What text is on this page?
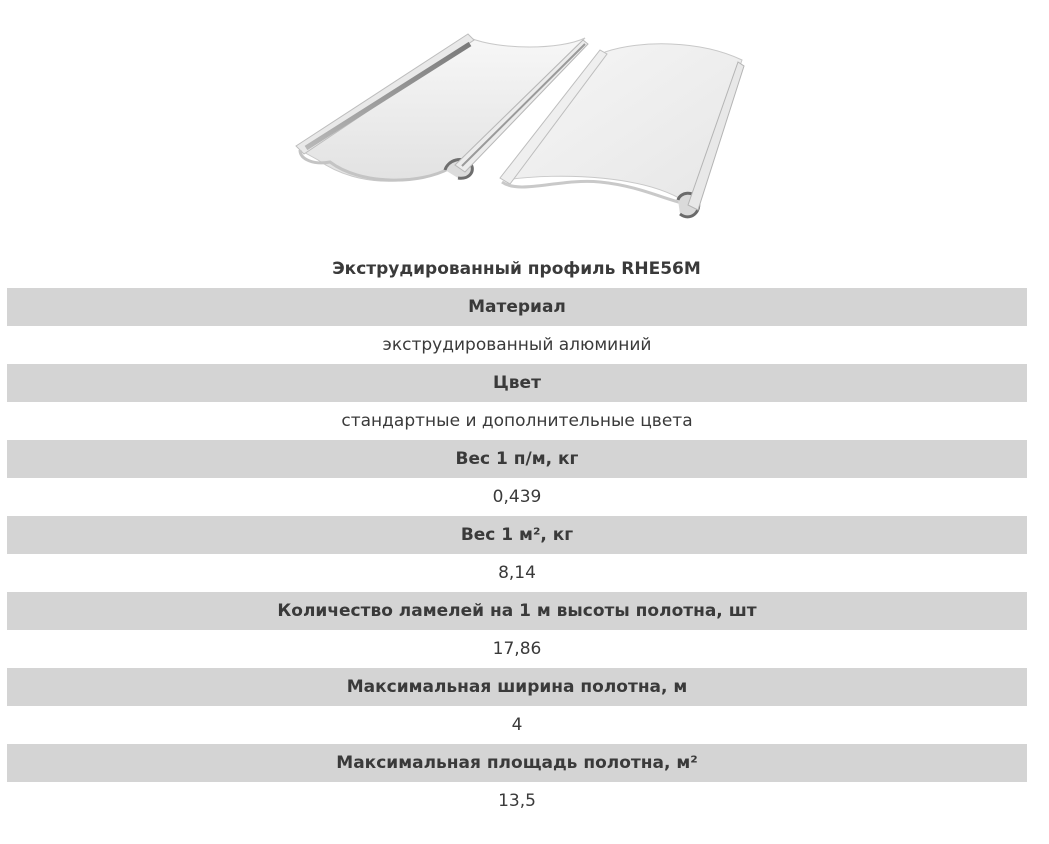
Экструдированный профиль RHE56M
Материал
экструдированный алюминий
Цвет
стандартные и дополнительные цвета
Вес 1 п/м, кг
0,439
Вес 1 м², кг
8,14
Количество ламелей на 1 м высоты полотна, шт
17,86
Максимальная ширина полотна, м
4
Максимальная площадь полотна, м²
13,5
